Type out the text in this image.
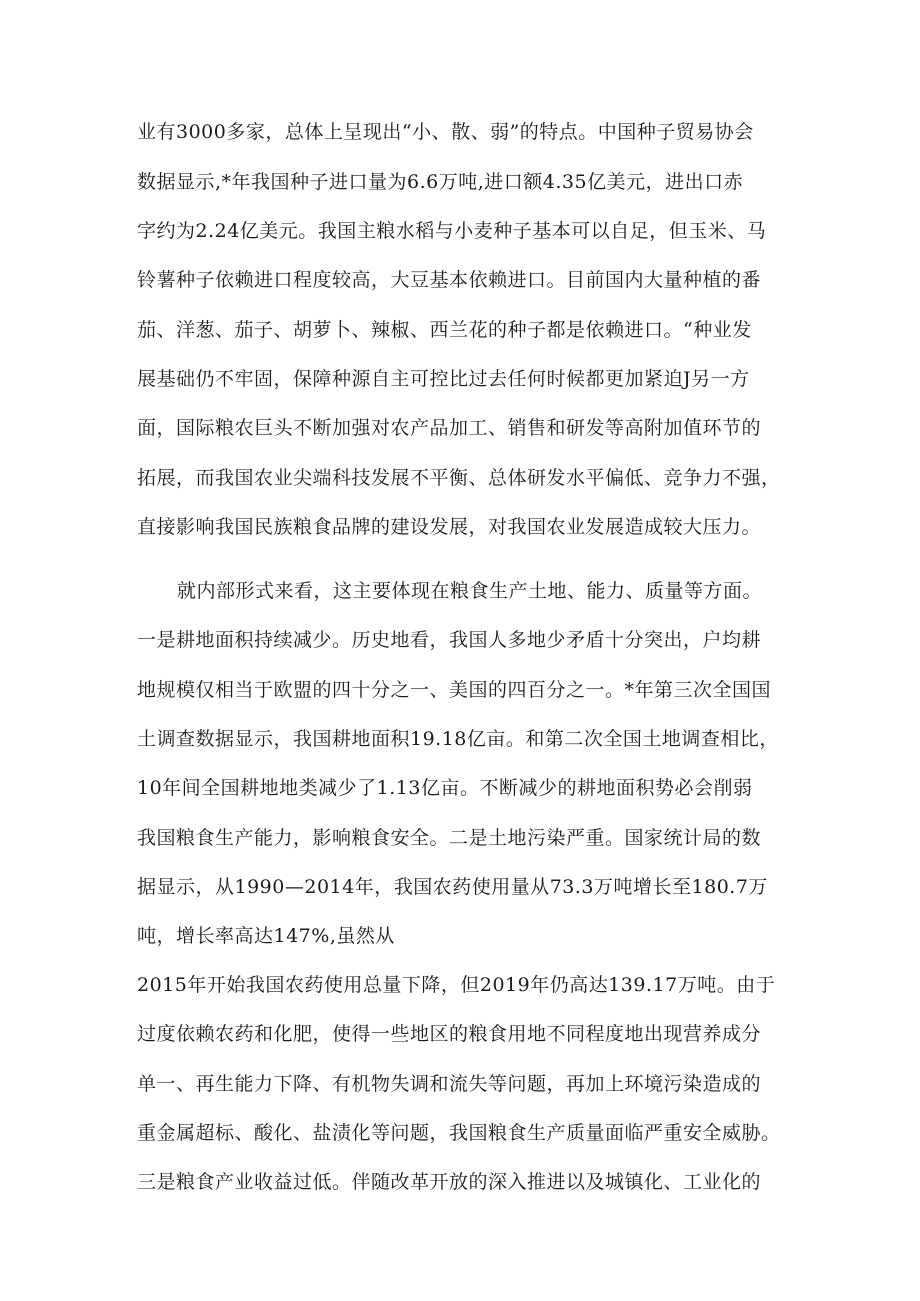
业有3000多家，总体上呈现出“小、散、弱”的特点。中国种子贸易协会
数据显示,*年我国种子进口量为6.6万吨,进口额4.35亿美元，进出口赤
字约为2.24亿美元。我国主粮水稻与小麦种子基本可以自足，但玉米、马
铃薯种子依赖进口程度较高，大豆基本依赖进口。目前国内大量种植的番
茄、洋葱、茄子、胡萝卜、辣椒、西兰花的种子都是依赖进口。“种业发
展基础仍不牢固，保障种源自主可控比过去任何时候都更加紧迫J另一方
面，国际粮农巨头不断加强对农产品加工、销售和研发等高附加值环节的
拓展，而我国农业尖端科技发展不平衡、总体研发水平偏低、竞争力不强，
直接影响我国民族粮食品牌的建设发展，对我国农业发展造成较大压力。
就内部形式来看，这主要体现在粮食生产土地、能力、质量等方面。
一是耕地面积持续减少。历史地看，我国人多地少矛盾十分突出，户均耕
地规模仅相当于欧盟的四十分之一、美国的四百分之一。*年第三次全国国
土调查数据显示，我国耕地面积19.18亿亩。和第二次全国土地调查相比，
10年间全国耕地地类减少了1.13亿亩。不断减少的耕地面积势必会削弱
我国粮食生产能力，影响粮食安全。二是土地污染严重。国家统计局的数
据显示，从1990—2014年，我国农药使用量从73.3万吨增长至180.7万
吨，增长率高达147%,虽然从
2015年开始我国农药使用总量下降，但2019年仍高达139.17万吨。由于
过度依赖农药和化肥，使得一些地区的粮食用地不同程度地出现营养成分
单一、再生能力下降、有机物失调和流失等问题，再加上环境污染造成的
重金属超标、酸化、盐渍化等问题，我国粮食生产质量面临严重安全威胁。
三是粮食产业收益过低。伴随改革开放的深入推进以及城镇化、工业化的
